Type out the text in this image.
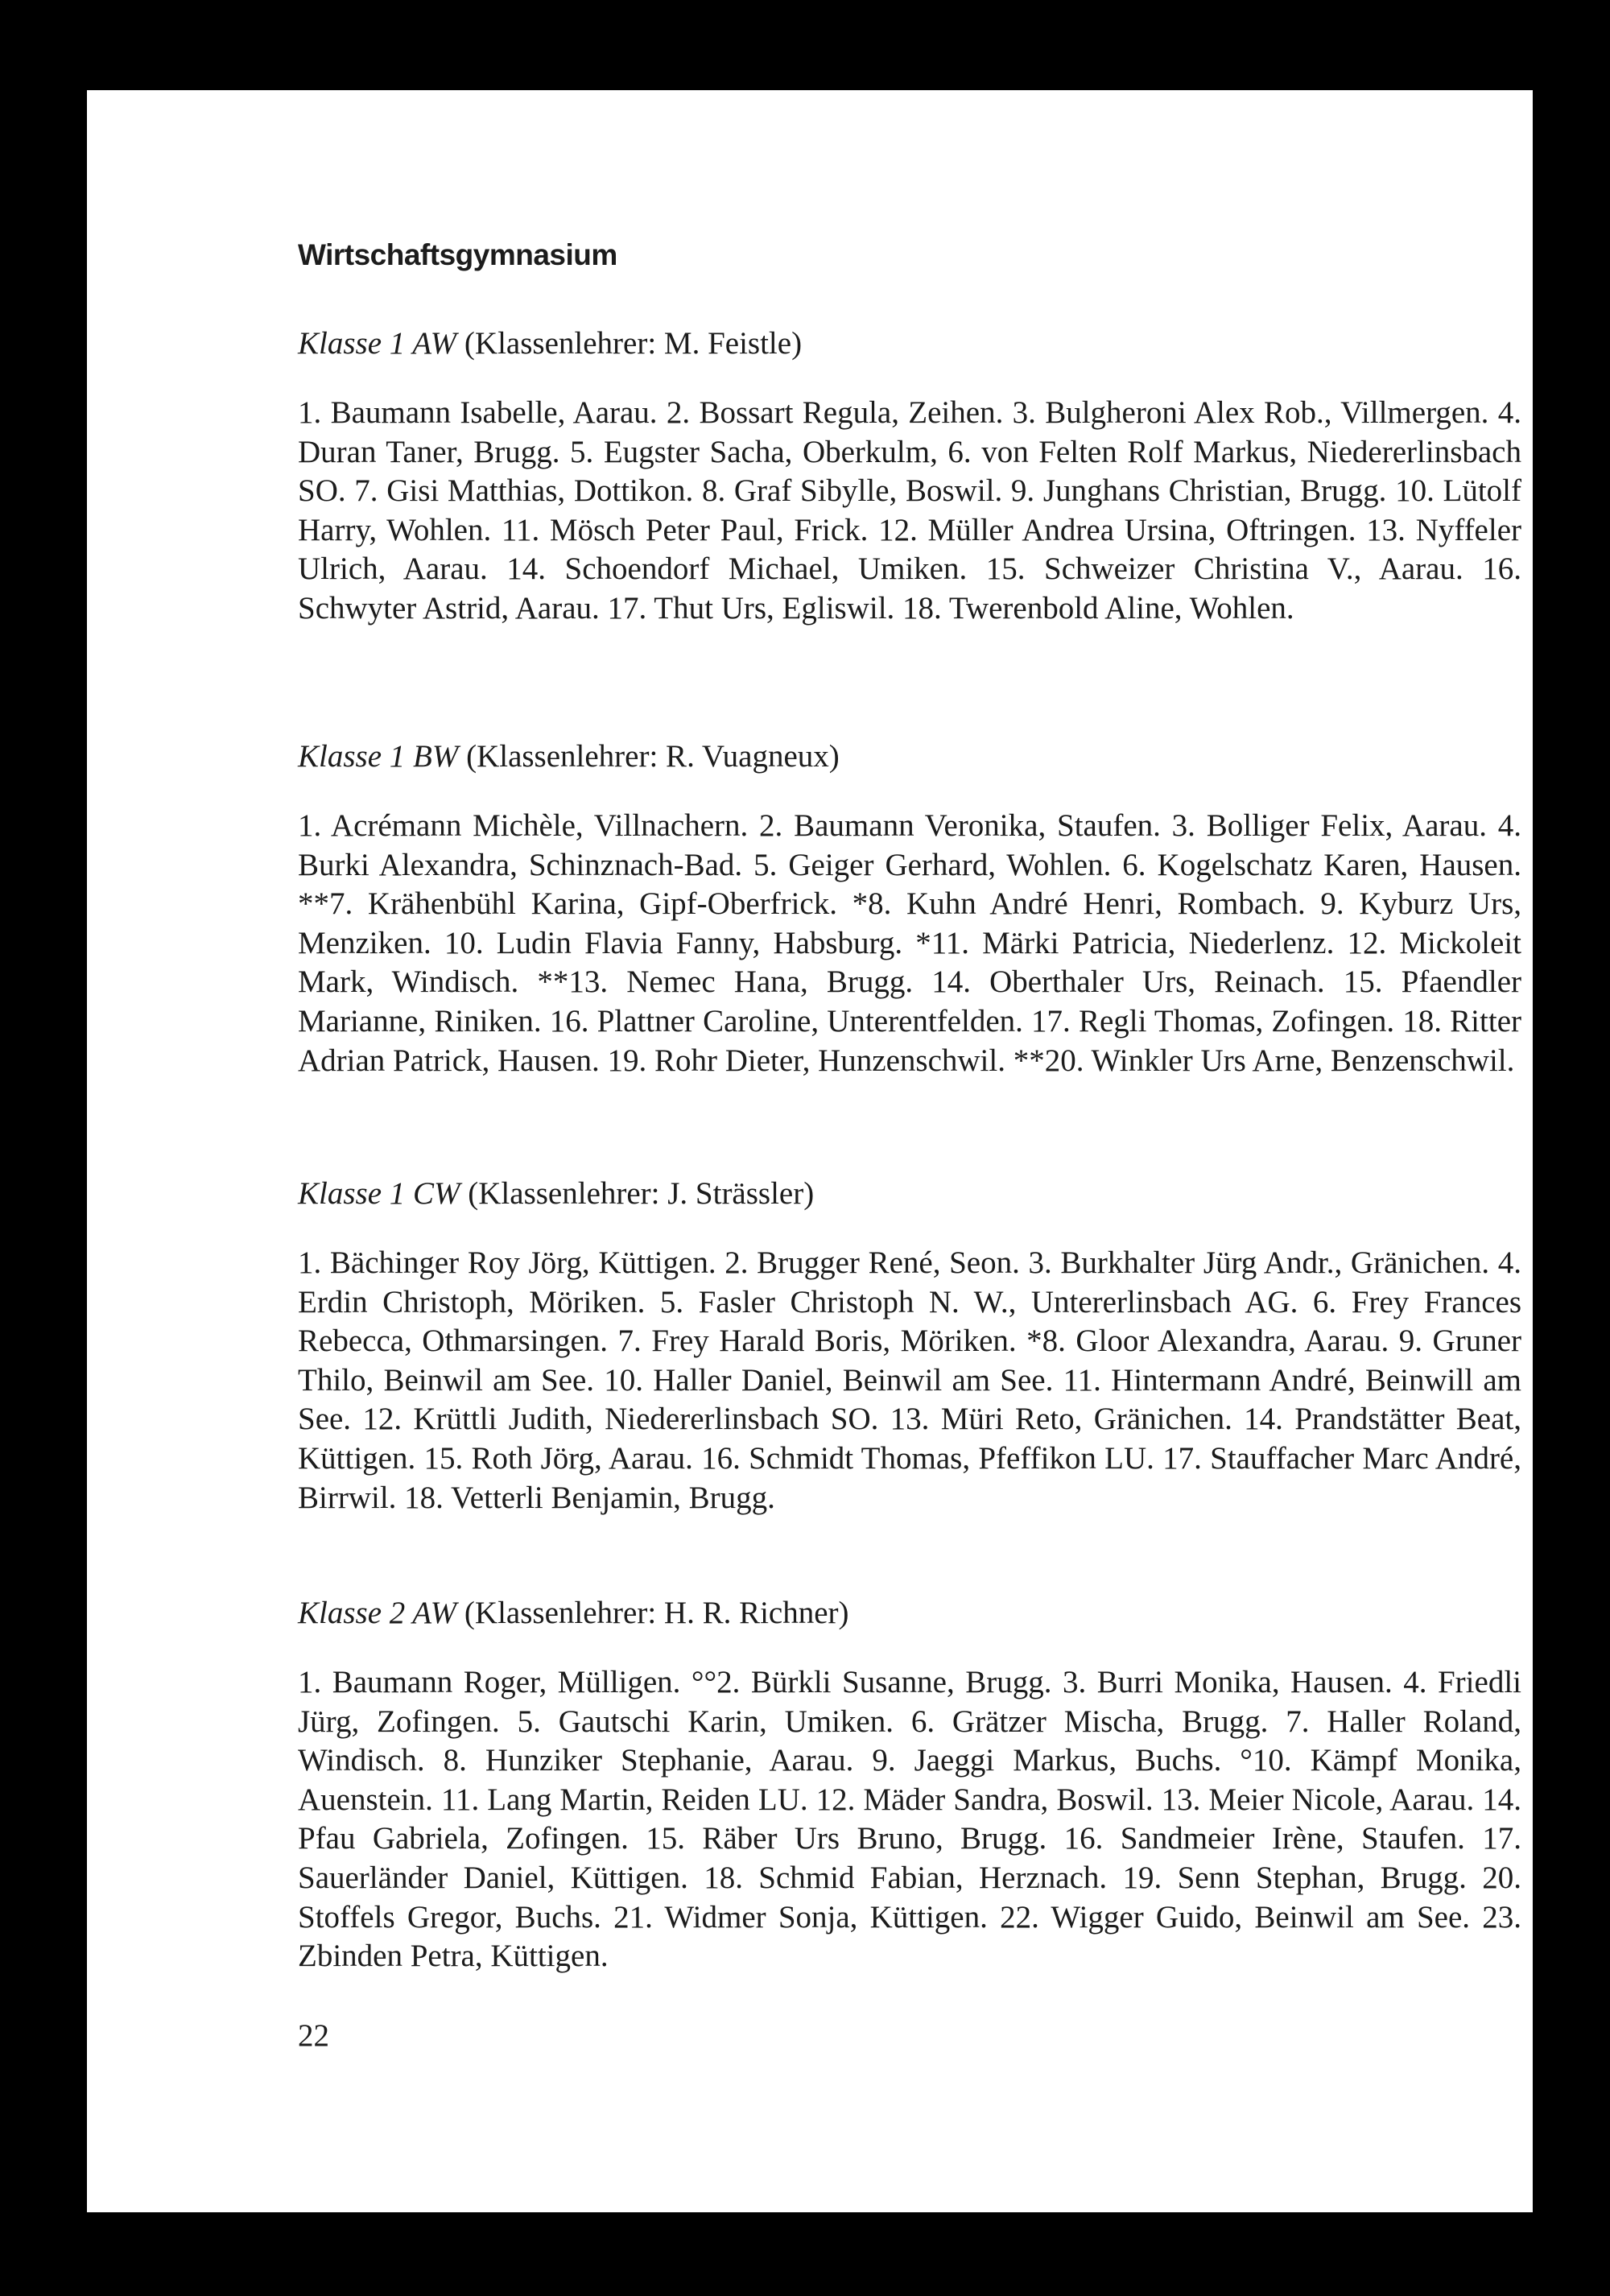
Wirtschaftsgymnasium
Klasse 1 AW (Klassenlehrer: M. Feistle)
1. Baumann Isabelle, Aarau. 2. Bossart Regula, Zeihen. 3. Bulgheroni Alex Rob., Villmergen. 4. Duran Taner, Brugg. 5. Eugster Sacha, Oberkulm, 6. von Felten Rolf Markus, Niedererlinsbach SO. 7. Gisi Matthias, Dottikon. 8. Graf Sibylle, Boswil. 9. Junghans Christian, Brugg. 10. Lütolf Harry, Wohlen. 11. Mösch Peter Paul, Frick. 12. Müller Andrea Ursina, Oftringen. 13. Nyffeler Ulrich, Aarau. 14. Schoendorf Michael, Umiken. 15. Schweizer Christina V., Aarau. 16. Schwyter Astrid, Aarau. 17. Thut Urs, Egliswil. 18. Twerenbold Aline, Wohlen.
Klasse 1 BW (Klassenlehrer: R. Vuagneux)
1. Acrémann Michèle, Villnachern. 2. Baumann Veronika, Staufen. 3. Bolliger Felix, Aarau. 4. Burki Alexandra, Schinznach-Bad. 5. Geiger Gerhard, Wohlen. 6. Kogelschatz Karen, Hausen. **7. Krähenbühl Karina, Gipf-Oberfrick. *8. Kuhn André Henri, Rombach. 9. Kyburz Urs, Menziken. 10. Ludin Flavia Fanny, Habsburg. *11. Märki Patricia, Niederlenz. 12. Mickoleit Mark, Windisch. **13. Nemec Hana, Brugg. 14. Oberthaler Urs, Reinach. 15. Pfaendler Marianne, Riniken. 16. Plattner Caroline, Unterentfelden. 17. Regli Thomas, Zofingen. 18. Ritter Adrian Patrick, Hausen. 19. Rohr Dieter, Hunzenschwil. **20. Winkler Urs Arne, Benzenschwil.
Klasse 1 CW (Klassenlehrer: J. Strässler)
1. Bächinger Roy Jörg, Küttigen. 2. Brugger René, Seon. 3. Burkhalter Jürg Andr., Gränichen. 4. Erdin Christoph, Möriken. 5. Fasler Christoph N. W., Untererlinsbach AG. 6. Frey Frances Rebecca, Othmarsingen. 7. Frey Harald Boris, Möriken. *8. Gloor Alexandra, Aarau. 9. Gruner Thilo, Beinwil am See. 10. Haller Daniel, Beinwil am See. 11. Hintermann André, Beinwill am See. 12. Krüttli Judith, Niedererlinsbach SO. 13. Müri Reto, Gränichen. 14. Prandstätter Beat, Küttigen. 15. Roth Jörg, Aarau. 16. Schmidt Thomas, Pfeffikon LU. 17. Stauffacher Marc André, Birrwil. 18. Vetterli Benjamin, Brugg.
Klasse 2 AW (Klassenlehrer: H. R. Richner)
1. Baumann Roger, Mülligen. °°2. Bürkli Susanne, Brugg. 3. Burri Monika, Hausen. 4. Friedli Jürg, Zofingen. 5. Gautschi Karin, Umiken. 6. Grätzer Mischa, Brugg. 7. Haller Roland, Windisch. 8. Hunziker Stephanie, Aarau. 9. Jaeggi Markus, Buchs. °10. Kämpf Monika, Auenstein. 11. Lang Martin, Reiden LU. 12. Mäder Sandra, Boswil. 13. Meier Nicole, Aarau. 14. Pfau Gabriela, Zofingen. 15. Räber Urs Bruno, Brugg. 16. Sandmeier Irène, Staufen. 17. Sauerländer Daniel, Küttigen. 18. Schmid Fabian, Herznach. 19. Senn Stephan, Brugg. 20. Stoffels Gregor, Buchs. 21. Widmer Sonja, Küttigen. 22. Wigger Guido, Beinwil am See. 23. Zbinden Petra, Küttigen.
22
